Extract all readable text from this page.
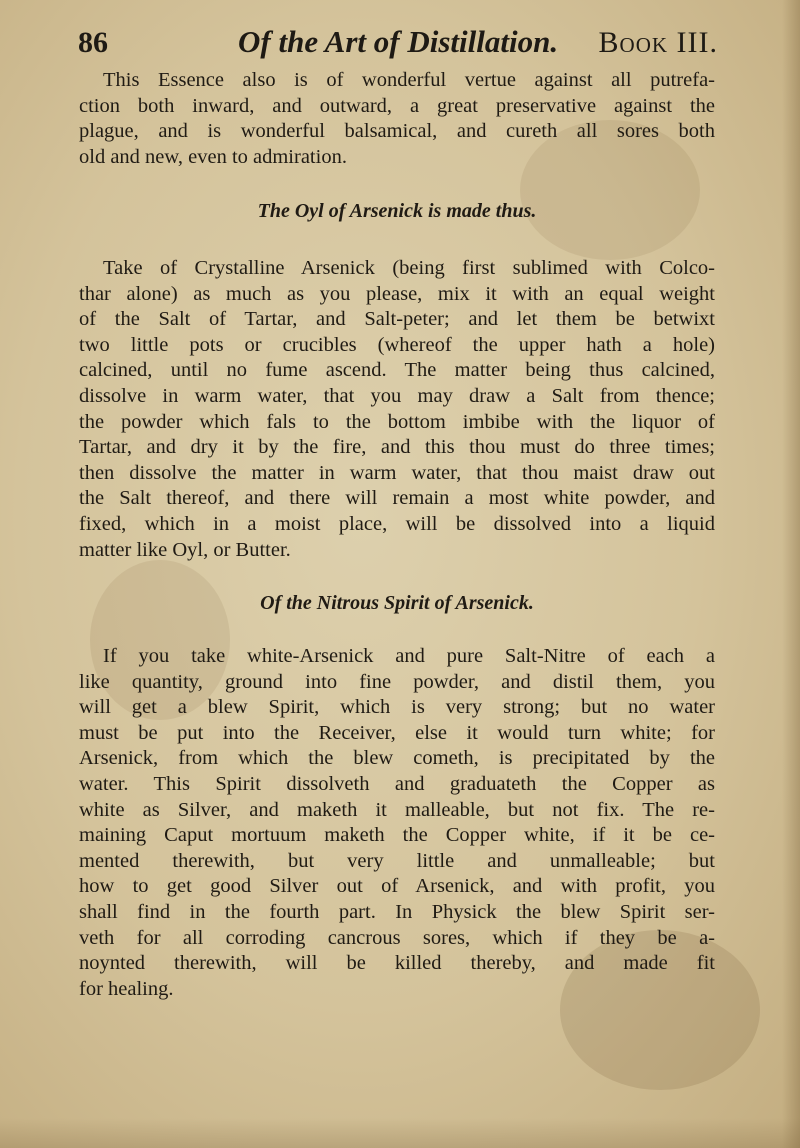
86	Of the Art of Distillation. Book III.
This Essence also is of wonderful vertue against all putrefa-
ction both inward, and outward, a great preservative against the
plague, and is wonderful balsamical, and cureth all sores both
old and new, even to admiration.
The Oyl of Arsenick is made thus.
Take of Crystalline Arsenick (being first sublimed with Colco-
thar alone) as much as you please, mix it with an equal weight
of the Salt of Tartar, and Salt-peter; and let them be betwixt
two little pots or crucibles (whereof the upper hath a hole)
calcined, until no fume ascend. The matter being thus calcined,
dissolve in warm water, that you may draw a Salt from thence;
the powder which fals to the bottom imbibe with the liquor of
Tartar, and dry it by the fire, and this thou must do three times;
then dissolve the matter in warm water, that thou maist draw out
the Salt thereof, and there will remain a most white powder, and
fixed, which in a moist place, will be dissolved into a liquid
matter like Oyl, or Butter.
Of the Nitrous Spirit of Arsenick.
If you take white-Arsenick and pure Salt-Nitre of each a
like quantity, ground into fine powder, and distil them, you
will get a blew Spirit, which is very strong; but no water
must be put into the Receiver, else it would turn white; for
Arsenick, from which the blew cometh, is precipitated by the
water. This Spirit dissolveth and graduateth the Copper as
white as Silver, and maketh it malleable, but not fix. The re-
maining Caput mortuum maketh the Copper white, if it be ce-
mented therewith, but very little and unmalleable; but
how to get good Silver out of Arsenick, and with profit, you
shall find in the fourth part. In Physick the blew Spirit ser-
veth for all corroding cancrous sores, which if they be a-
noynted therewith, will be killed thereby, and made fit
for healing.
